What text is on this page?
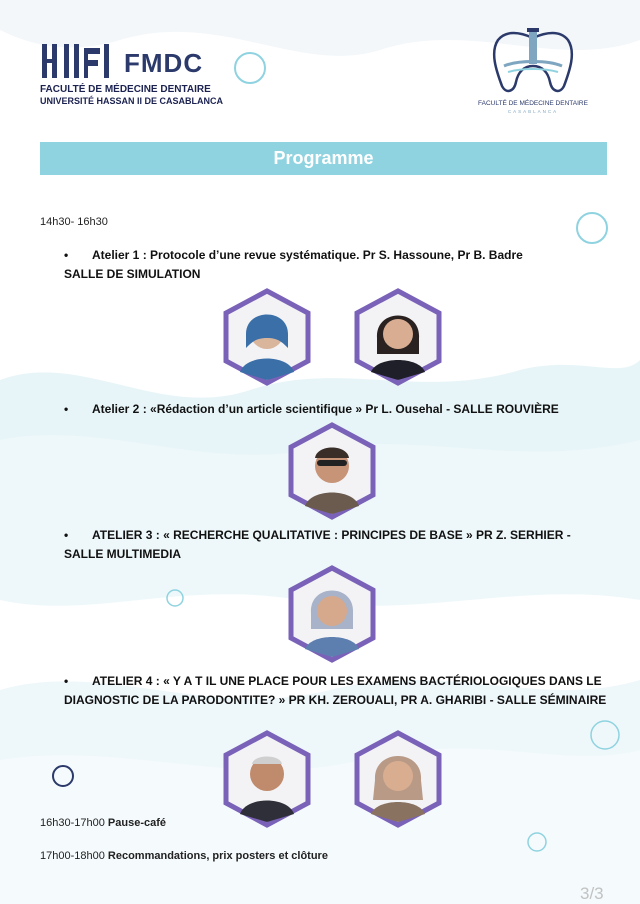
FMDC
FACULTÉ DE MÉDECINE DENTAIRE
UNIVERSITÉ HASSAN II DE CASABLANCA	FACULTÉ DE MÉDECINE DENTAIRE
CASABLANCA
Programme
14h30- 16h30
•	Atelier 1 : Protocole d’une revue systématique. Pr S. Hassoune, Pr B. Badre
SALLE DE SIMULATION
•	Atelier 2 : «Rédaction d’un article scientifique » Pr L. Ousehal - SALLE ROUVIÈRE
•	ATELIER 3 : « RECHERCHE QUALITATIVE : PRINCIPES DE BASE » PR Z. SERHIER -
SALLE MULTIMEDIA
•	ATELIER 4 : « Y A T IL UNE PLACE POUR LES EXAMENS BACTÉRIOLOGIQUES DANS LE
DIAGNOSTIC DE LA PARODONTITE? » PR KH. ZEROUALI, PR A. GHARIBI - SALLE SÉMINAIRE
16h30-17h00 Pause-café
17h00-18h00 Recommandations, prix posters et clôture
3/3
